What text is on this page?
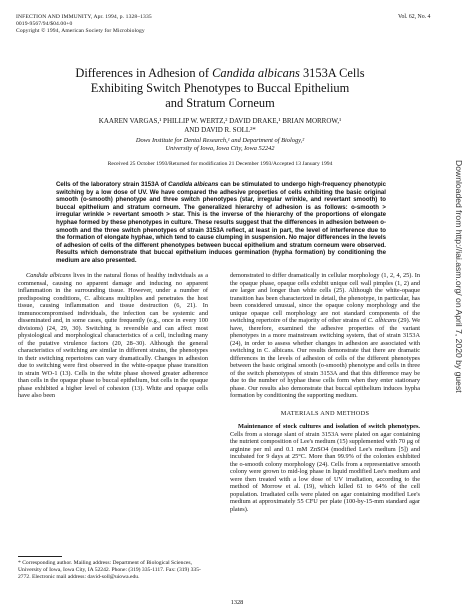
INFECTION AND IMMUNITY, Apr. 1994, p. 1328–1335
0019-9567/94/$04.00+0
Copyright © 1994, American Society for Microbiology
Vol. 62, No. 4
Downloaded from http://iai.asm.org/ on April 7, 2020 by guest
Differences in Adhesion of Candida albicans 3153A Cells
Exhibiting Switch Phenotypes to Buccal Epithelium
and Stratum Corneum
KAAREN VARGAS,¹ PHILLIP W. WERTZ,² DAVID DRAKE,¹ BRIAN MORROW,¹
AND DAVID R. SOLL²*
Dows Institute for Dental Research,¹ and Department of Biology,²
University of Iowa, Iowa City, Iowa 52242
Received 25 October 1993/Returned for modification 21 December 1993/Accepted 13 January 1994
Cells of the laboratory strain 3153A of Candida albicans can be stimulated to undergo high-frequency phenotypic switching by a low dose of UV. We have compared the adhesive properties of cells exhibiting the basic original smooth (o-smooth) phenotype and three switch phenotypes (star, irregular wrinkle, and revertant smooth) to buccal epithelium and stratum corneum. The generalized hierarchy of adhesion is as follows: o-smooth > irregular wrinkle > revertant smooth > star. This is the inverse of the hierarchy of the proportions of elongate hyphae formed by these phenotypes in culture. These results suggest that the differences in adhesion between o-smooth and the three switch phenotypes of strain 3153A reflect, at least in part, the level of interference due to the formation of elongate hyphae, which tend to cause clumping in suspension. No major differences in the levels of adhesion of cells of the different phenotypes between buccal epithelium and stratum corneum were observed. Results which demonstrate that buccal epithelium induces germination (hypha formation) by conditioning the medium are also presented.

Candida albicans lives in the natural floras of healthy individuals as a commensal, causing no apparent damage and inducing no apparent inflammation in the surrounding tissue. However, under a number of predisposing conditions, C. albicans multiplies and penetrates the host tissue, causing inflammation and tissue destruction (6, 21). In immunocompromised individuals, the infection can be systemic and disseminated and, in some cases, quite frequently (e.g., once in every 100 divisions) (24, 29, 30). Switching is reversible and can affect most physiological and morphological characteristics of a cell, including many of the putative virulence factors (20, 28–30). Although the general characteristics of switching are similar in different strains, the phenotypes in their switching repertoires can vary dramatically. Changes in adhesion due to switching were first observed in the white-opaque phase transition in strain WO-1 (13). Cells in the white phase showed greater adherence than cells in the opaque phase to buccal epithelium, but cells in the opaque phase exhibited a higher level of cohesion (13). White and opaque cells have also been

demonstrated to differ dramatically in cellular morphology (1, 2, 4, 25). In the opaque phase, opaque cells exhibit unique cell wall pimples (1, 2) and are larger and longer than white cells (25). Although the white-opaque transition has been characterized in detail, the phenotype, in particular, has been considered unusual, since the opaque colony morphology and the unique opaque cell morphology are not standard components of the switching repertoire of the majority of other strains of C. albicans (29). We have, therefore, examined the adhesive properties of the variant phenotypes in a more mainstream switching system, that of strain 3153A (24), in order to assess whether changes in adhesion are associated with switching in C. albicans. Our results demonstrate that there are dramatic differences in the levels of adhesion of cells of the different phenotypes between the basic original smooth (o-smooth) phenotype and cells in three of the switch phenotypes of strain 3153A and that this difference may be due to the number of hyphae these cells form when they enter stationary phase. Our results also demonstrate that buccal epithelium induces hypha formation by conditioning the supporting medium.

MATERIALS AND METHODS

Maintenance of stock cultures and isolation of switch phenotypes. Cells from a storage slant of strain 3153A were plated on agar containing the nutrient composition of Lee's medium (15) supplemented with 70 μg of arginine per ml and 0.1 mM ZnSO4 (modified Lee's medium [5]) and incubated for 9 days at 25°C. More than 99.9% of the colonies exhibited the o-smooth colony morphology (24). Cells from a representative smooth colony were grown to mid-log phase in liquid modified Lee's medium and were then treated with a low dose of UV irradiation, according to the method of Morrow et al. (19), which killed 61 to 64% of the cell population. Irradiated cells were plated on agar containing modified Lee's medium at approximately 55 CFU per plate (100-by-15-mm standard agar plates).

* Corresponding author. Mailing address: Department of Biological Sciences, University of Iowa, Iowa City, IA 52242. Phone: (319) 335-1117. Fax: (319) 335-2772. Electronic mail address: david-soll@uiowa.edu.
1328
